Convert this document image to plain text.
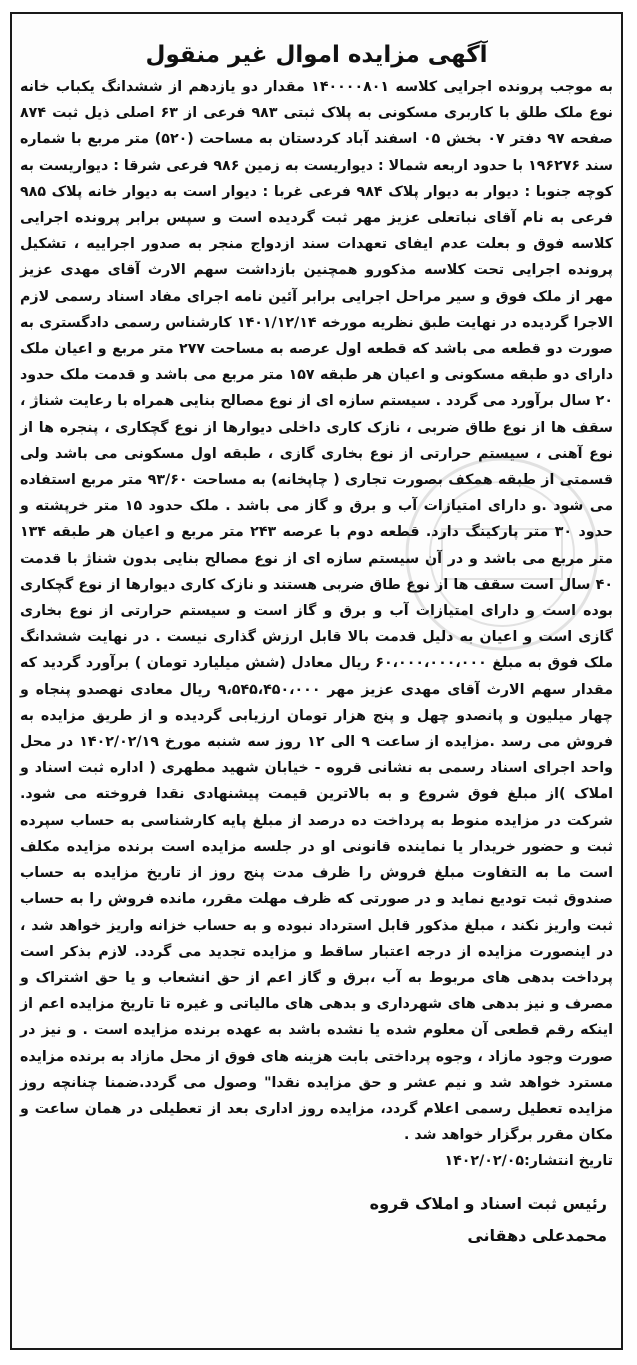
آگهی مزایده اموال غیر منقول

به موجب پرونده اجرایی کلاسه ۱۴۰۰۰۰۸۰۱ مقدار دو یازدهم از ششدانگ یکباب خانه نوع ملک طلق با کاربری مسکونی به پلاک ثبتی ۹۸۳ فرعی از ۶۳ اصلی ذیل ثبت ۸۷۴ صفحه ۹۷ دفتر ۰۷ بخش ۰۵ اسفند آباد کردستان به مساحت (۵۲۰) متر مربع با شماره سند ۱۹۶۲۷۶ با حدود اربعه شمالا : دیواریست به زمین ۹۸۶ فرعی شرقا : دیواریست به کوچه جنوبا : دیوار به دیوار پلاک ۹۸۴ فرعی غربا : دیوار است به دیوار خانه پلاک ۹۸۵ فرعی به نام آقای نباتعلی عزیز مهر ثبت گردیده است و سپس برابر پرونده اجرایی کلاسه فوق و بعلت عدم ایفای تعهدات سند ازدواج منجر به صدور اجراییه ، تشکیل پرونده اجرایی تحت کلاسه مذکورو همچنین بازداشت سهم الارث آقای مهدی عزیز مهر از ملک فوق و سیر مراحل اجرایی برابر آئین نامه اجرای مفاد اسناد رسمی لازم الاجرا گردیده در نهایت طبق نظریه مورخه ۱۴۰۱/۱۲/۱۴ کارشناس رسمی دادگستری به صورت دو قطعه می باشد که قطعه اول عرصه به مساحت ۲۷۷ متر مربع و اعیان ملک دارای دو طبقه مسکونی و اعیان هر طبقه ۱۵۷ متر مربع می باشد و قدمت ملک حدود ۲۰ سال برآورد می گردد . سیستم سازه ای از نوع مصالح بنایی همراه با رعایت شناژ ، سقف ها از نوع طاق ضربی ، نازک کاری داخلی دیوارها از نوع گچکاری ، پنجره ها از نوع آهنی ، سیستم حرارتی از نوع بخاری گازی ، طبقه اول مسکونی می باشد ولی قسمتی از طبقه همکف بصورت تجاری ( چاپخانه) به مساحت ۹۳/۶۰ متر مربع استفاده می شود .و دارای امتیازات آب و برق و گاز می باشد . ملک حدود ۱۵ متر خرپشته و حدود ۳۰ متر پارکینگ دارد. قطعه دوم با عرصه ۲۴۳ متر مربع و اعیان هر طبقه ۱۳۴ متر مربع می باشد و در آن سیستم سازه ای از نوع مصالح بنایی بدون شناژ با قدمت ۴۰ سال است سقف ها از نوع طاق ضربی هستند و نازک کاری دیوارها از نوع گچکاری بوده است و دارای امتیازات آب و برق و گاز است و سیستم حرارتی از نوع بخاری گازی است و اعیان به دلیل قدمت بالا قابل ارزش گذاری نیست . در نهایت ششدانگ ملک فوق به مبلغ ۶۰،۰۰۰،۰۰۰،۰۰۰ ریال معادل (شش میلیارد تومان ) برآورد گردید که مقدار سهم الارث آقای مهدی عزیز مهر ۹،۵۴۵،۴۵۰،۰۰۰ ریال معادی نهصدو پنجاه و چهار میلیون و پانصدو چهل و پنج هزار تومان ارزیابی گردیده و از طریق مزایده به فروش می رسد .مزایده از ساعت ۹ الی ۱۲ روز سه شنبه مورخ ۱۴۰۲/۰۲/۱۹ در محل واحد اجرای اسناد رسمی به نشانی قروه - خیابان شهید مطهری ( اداره ثبت اسناد و املاک )از مبلغ فوق شروع و به بالاترین قیمت پیشنهادی نقدا فروخته می شود. شرکت در مزایده منوط به پرداخت ده درصد از مبلغ پایه کارشناسی به حساب سپرده ثبت و حضور خریدار یا نماینده قانونی او در جلسه مزایده است برنده مزایده مکلف است ما به التفاوت مبلغ فروش را ظرف مدت پنج روز از تاریخ مزایده به حساب صندوق ثبت تودیع نماید و در صورتی که ظرف مهلت مقرر، مانده فروش را به حساب ثبت واریز نکند ، مبلغ مذکور قابل استرداد نبوده و به حساب خزانه واریز خواهد شد ، در اینصورت مزایده از درجه اعتبار ساقط و مزایده تجدید می گردد. لازم بذکر است پرداخت بدهی های مربوط به آب ،برق و گاز اعم از حق انشعاب و یا حق اشتراک و مصرف و نیز بدهی های شهرداری و بدهی های مالیاتی و غیره تا تاریخ مزایده اعم از اینکه رقم قطعی آن معلوم شده یا نشده باشد به عهده برنده مزایده است . و نیز در صورت وجود مازاد ، وجوه پرداختی بابت هزینه های فوق از محل مازاد به برنده مزایده مسترد خواهد شد و نیم عشر و حق مزایده نقدا" وصول می گردد.ضمنا چنانچه روز مزایده تعطیل رسمی اعلام گردد، مزایده روز اداری بعد از تعطیلی در همان ساعت و مکان مقرر برگزار خواهد شد .

تاریخ انتشار:۱۴۰۲/۰۲/۰۵

رئیس ثبت اسناد و املاک قروه

محمدعلی دهقانی
